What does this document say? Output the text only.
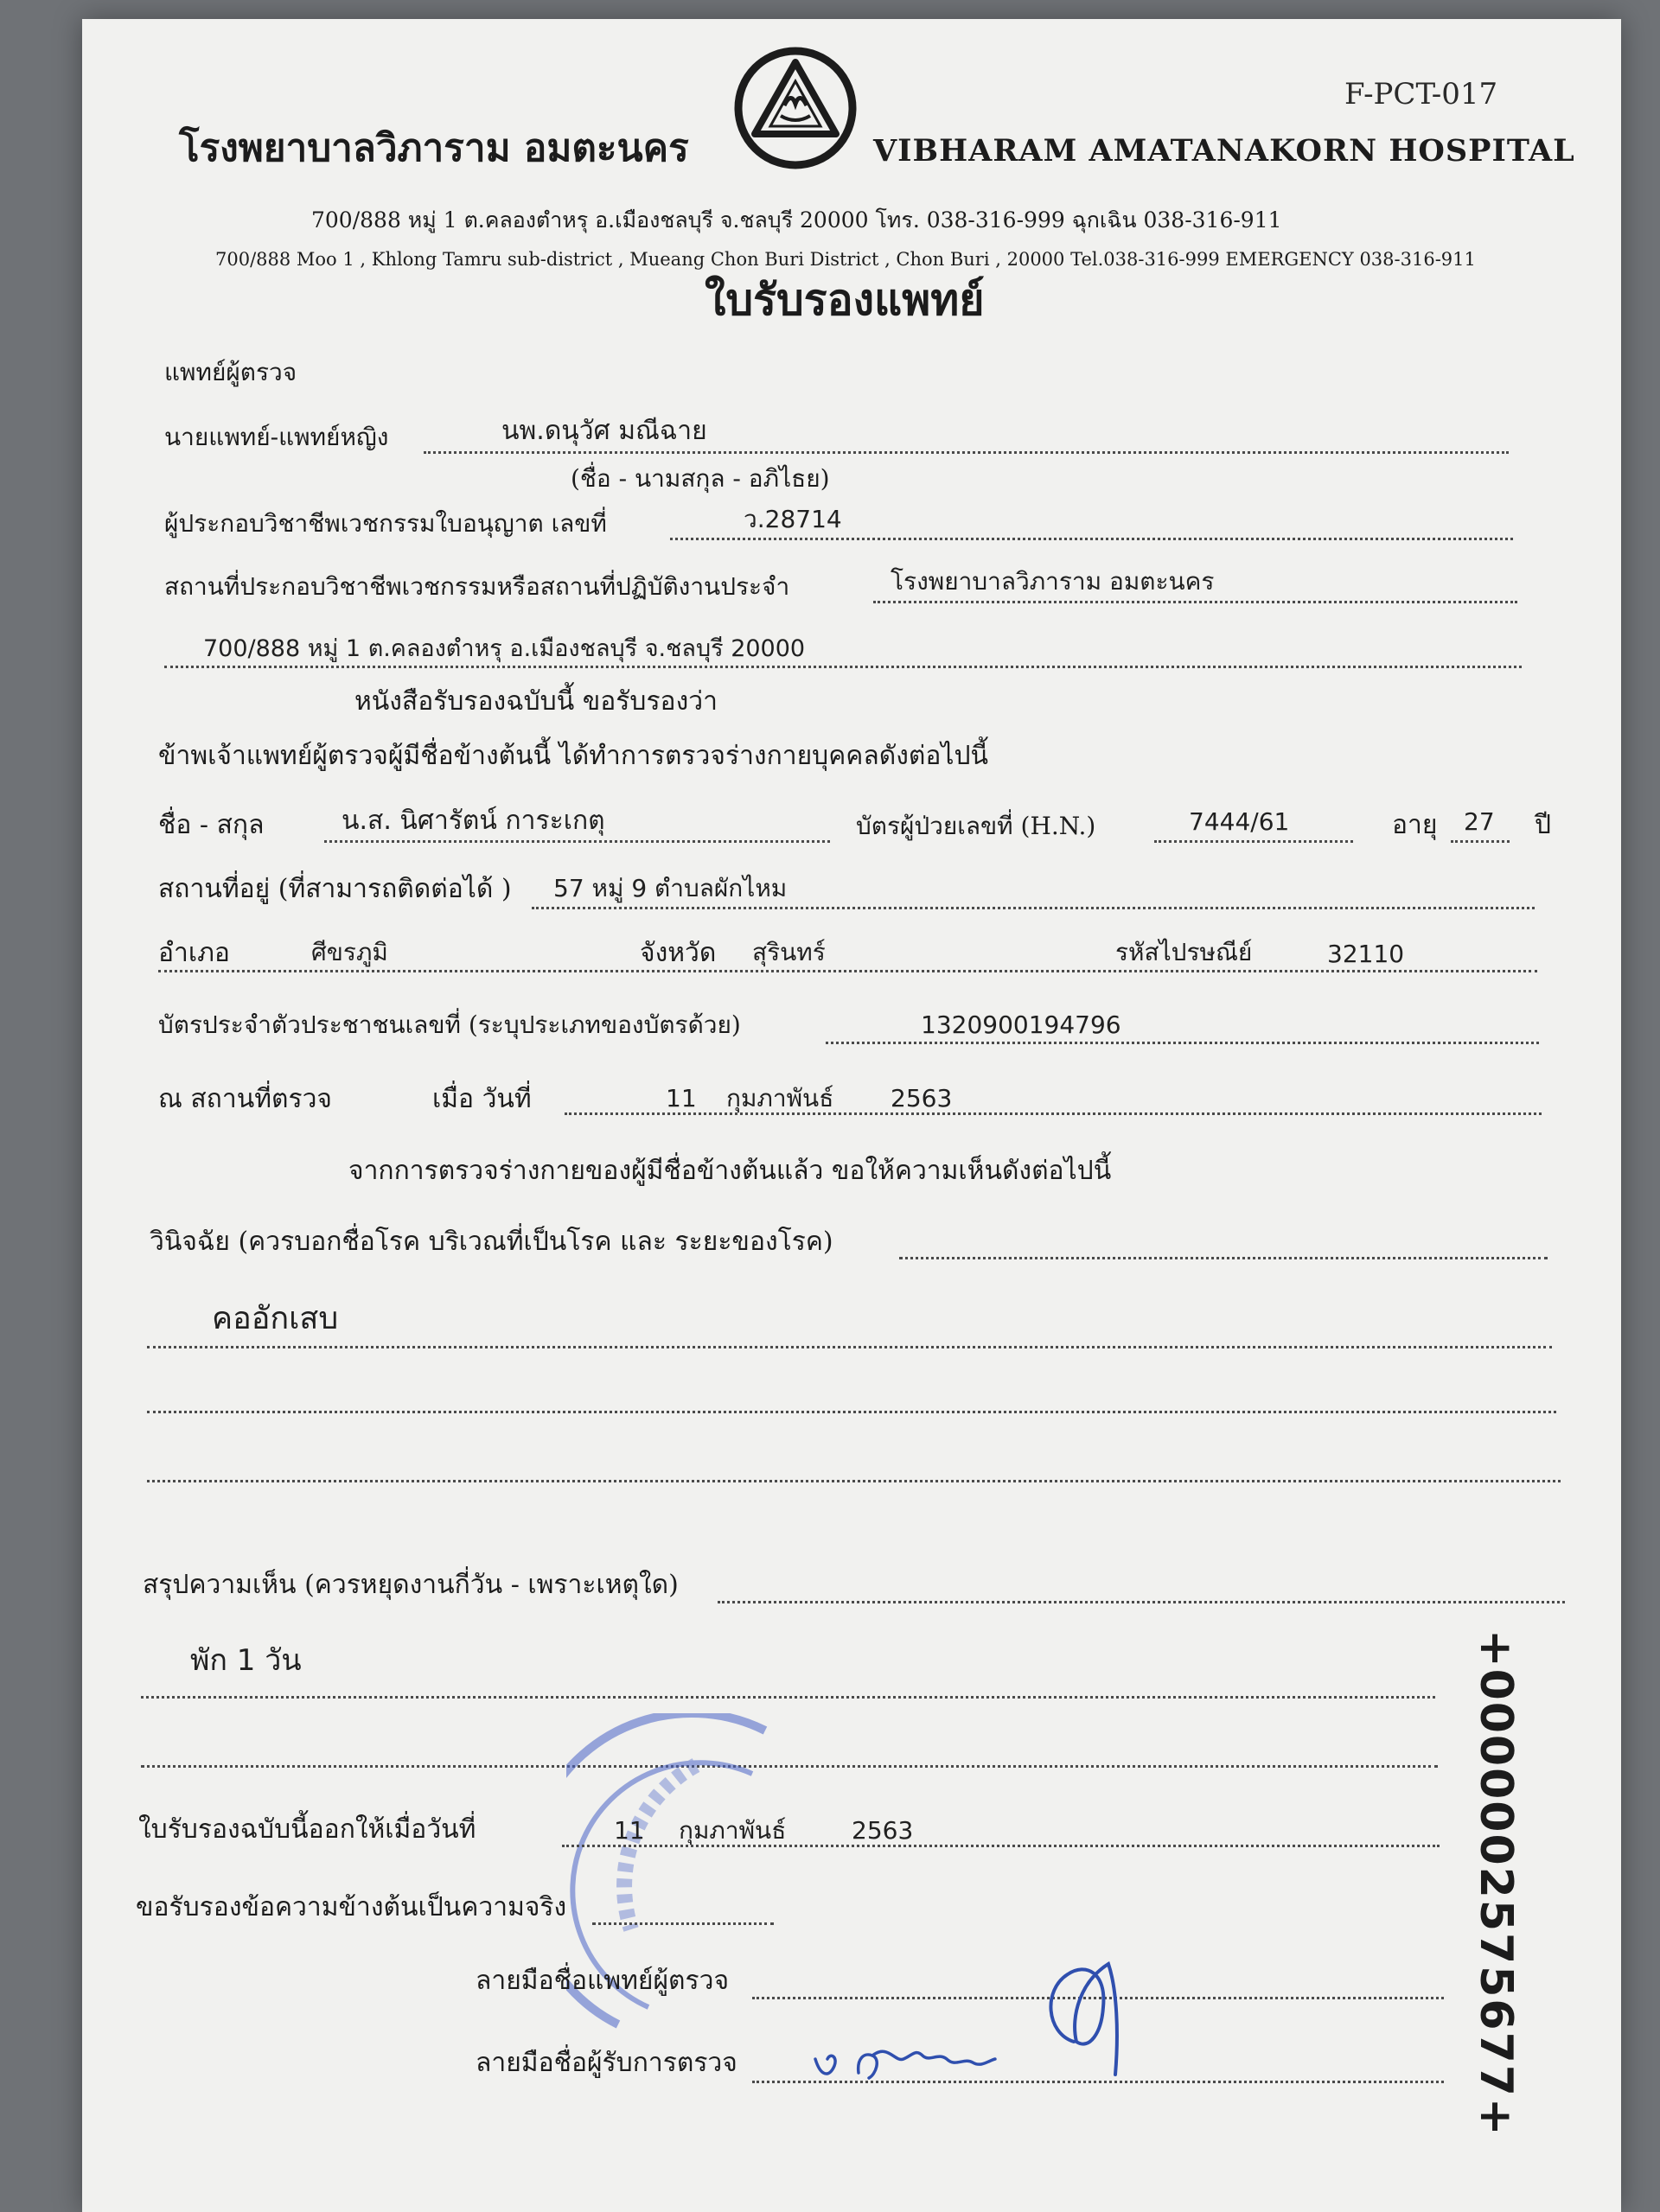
F-PCT-017
โรงพยาบาลวิภาราม อมตะนคร	VIBHARAM AMATANAKORN HOSPITAL
700/888 หมู่ 1 ต.คลองตำหรุ อ.เมืองชลบุรี จ.ชลบุรี 20000 โทร. 038-316-999 ฉุกเฉิน 038-316-911
700/888 Moo 1 , Khlong Tamru sub-district , Mueang Chon Buri District , Chon Buri , 20000 Tel.038-316-999 EMERGENCY 038-316-911
ใบรับรองแพทย์
แพทย์ผู้ตรวจ
นายแพทย์-แพทย์หญิง	นพ.ดนุวัศ มณีฉาย
(ชื่อ - นามสกุล - อภิไธย)
ผู้ประกอบวิชาชีพเวชกรรมใบอนุญาต เลขที่	ว.28714
สถานที่ประกอบวิชาชีพเวชกรรมหรือสถานที่ปฏิบัติงานประจำ	โรงพยาบาลวิภาราม อมตะนคร
700/888 หมู่ 1 ต.คลองตำหรุ อ.เมืองชลบุรี จ.ชลบุรี 20000
หนังสือรับรองฉบับนี้ ขอรับรองว่า
ข้าพเจ้าแพทย์ผู้ตรวจผู้มีชื่อข้างต้นนี้ ได้ทำการตรวจร่างกายบุคคลดังต่อไปนี้
ชื่อ - สกุล	น.ส. นิศารัตน์ การะเกตุ	บัตรผู้ป่วยเลขที่ (H.N.)	7444/61	อายุ 27 ปี
สถานที่อยู่ (ที่สามารถติดต่อได้ ) 57 หมู่ 9 ตำบลผักไหม
อำเภอ	ศีขรภูมิ	จังหวัด สุรินทร์	รหัสไปรษณีย์	32110
บัตรประจำตัวประชาชนเลขที่ (ระบุประเภทของบัตรด้วย)	1320900194796
ณ สถานที่ตรวจ	เมื่อ วันที่	11 กุมภาพันธ์ 2563
จากการตรวจร่างกายของผู้มีชื่อข้างต้นแล้ว ขอให้ความเห็นดังต่อไปนี้
วินิจฉัย (ควรบอกชื่อโรค บริเวณที่เป็นโรค และ ระยะของโรค)
คออักเสบ
สรุปความเห็น (ควรหยุดงานกี่วัน - เพราะเหตุใด)
พัก 1 วัน
ใบรับรองฉบับนี้ออกให้เมื่อวันที่	11 กุมภาพันธ์	2563
ขอรับรองข้อความข้างต้นเป็นความจริง
ลายมือชื่อแพทย์ผู้ตรวจ
ลายมือชื่อผู้รับการตรวจ	+0000002575677+
